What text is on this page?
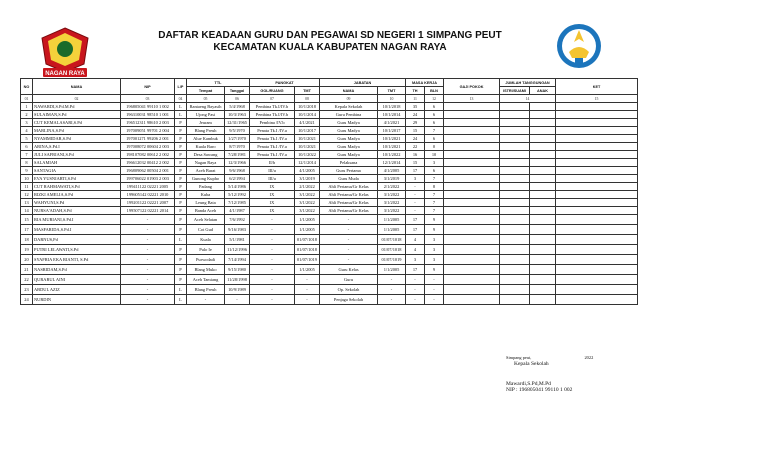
NAGAN RAYA
DAFTAR KEADAAN GURU DAN PEGAWAI SD NEGERI 1 SIMPANG PEUT
KECAMATAN KUALA KABUPATEN NAGAN RAYA
NO	NAMA	NIP	L/P	TTL		PANGKAT		JABATAN		MASA KERJA		GAJI POKOK	JUMLAH TANGGUNGAN		KET
				Tempat	Tanggal	GOL/RUANG	TMT	NAMA	TMT	TH	BLN		ISTRI/SUAMI	ANAK	
01	02	03	04	05	06	07	08	09	10	11	12	13	14		15
1	NAWARDI,S.Pd.M.Pd	196805041 99110 1 002	L	Rantaeng Bayasih	5/4/1968	Pembina Tk.I/IV.b	10/1/2018	Kepala Sekolah	10/1/2018	35	6				
2	SULAIMAN,S.Pd	196310031 98510 1 001	L	Ujong Pasi	10/3/1963	Pembina Tk.I/IV.b	10/1/2014	Guru Pembina	10/1/2014	24	6				
3	CUT KEMALASARI,S.Pd	196512311 98610 2 003	P	Jeuram	12/31/1965	Pembina /IV.b	4/1/2021	Guru Madya	4/1/2021	29	6				
4	MARLINA,S.Pd	197009051 99701 2 004	P	Blang Preuh	9/5/1970	Penata Tk.I /IV.a	10/1/2017	Guru Madya	10/1/2017	15	7				
5	NYAMMIDAR,S.Pd	197001271 99206 2 001	P	Alue Kambuk	1/27/1970	Penata Tk.I /IV.a	10/1/2021	Guru Madya	10/1/2021	24	6				
6	ARINA,S.Pd.I	197008072 00604 2 003	P	Kuala Baro	8/7/1970	Penata Tk.I /IV.a	10/1/2021	Guru Madya	10/1/2021	22	0				
7	JULI SAFRIANI,S.Pd	198107082 00612 2 002	P	Desa Sawang	7/28/1981	Penata Tk.I /IV.a	10/1/2022	Guru Madya	10/1/2022	16	10				
8	SALAMIAH	196612032 00412 2 002	P	Nagan Raya	12/3/1966	II/b	12/1/2014	Pelaksana	12/1/2014	15	3				
9	SANTAGIA	196809062 00504 2 001	P	Aceh Barat	9/6/1968	III/a	4/1/2005	Guru Pertama	4/1/2005	17	6				
10	EVA YUSNIARTI,S.Pd	199706022 01903 2 003	P	Gunong Kupho	6/2/1994	III/a	3/1/2019	Guru Muda	3/1/2019	3	7				
11	CUT RAHMAWATI,S.Pd	199411122 02221 2005	P	Padang	5/14/1986	IX	2/1/2022	Ahli Pertama/Gr Kelas	2/1/2022	-	8				
12	RIZKI AMELIA,S.Pd	199605142 02221 2010	P	Kuba	5/12/1992	IX	3/1/2022	Ahli Pertama/Gr Kelas	3/1/2022	-	7				
13	WAHYUNI,S.Pd	199201122 02221 2007	P	Leung Bata	7/12/1985	IX	3/1/2022	Ahli Pertama/Gr Kelas	3/1/2022	-	7				
14	NURSA'ADAH,S.Pd	199507122 02221 2014	P	Banda Aceh	4/1/1987	IX	3/1/2022	Ahli Pertama/Gr Kelas	3/1/2022	-	7				
15	RIA MURIANI,S.Pd.I	-	P	Aceh Selatan	7/6/1992	-	1/1/2005	-	1/1/2005	17	9				
17	MASFARIDA,S.Pd.I	-	P	Cot Gud	9/16/1983	-	1/1/2005	-	1/1/2005	17	9				
18	DARNUS,Pd	-	L	Kuala	5/1/1981	-	01/07/1018	-	01/07/1018	4	3				
19	PUTRI LELAWATI,S.Pd	-	P	Pulo Ie	11/12/1996	-	01/07/1018	-	01/07/1018	4	3				
20	SYAFRIA EKA RIANTI, S.Pd	-	P	Purwodadi	7/14/1994	-	01/07/1019	-	01/07/1019	3	3				
21	NASRIDAM,S.Pd	-	P	Blang Muko	9/15/1980	-	1/1/2005	Guru Kelas	1/1/2005	17	9				
22	QURARUL AINI	-	P	Aceh Tamiang	11/28/1998	-	-	Guru	-	-	-				
23	ABDUL AZIZ	-	L	Blang Preuh	10/9/1989	-	-	Op. Sekolah	-	-	-				
24	NURDIN	-	L	-	-	-	-	Penjaga Sekolah	-	-	-				
Simpang peut,	2022
Kepala Sekolah
Mawardi,S.Pd,M.Pd
NIP : 196805041 99110 1 002
